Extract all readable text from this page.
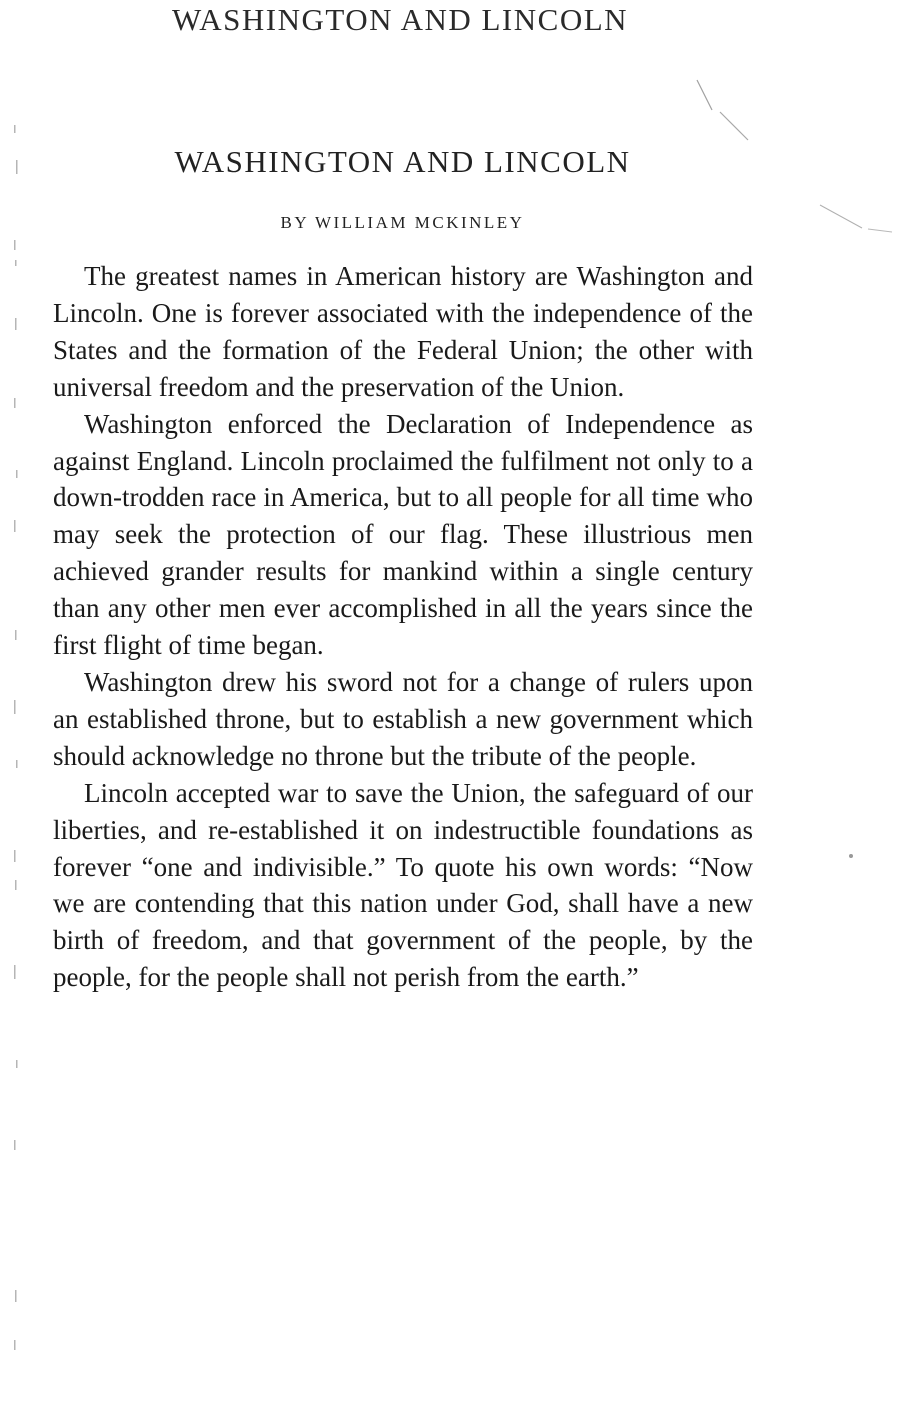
WASHINGTON AND LINCOLN
WASHINGTON AND LINCOLN
BY WILLIAM MCKINLEY

The greatest names in American history are Washington and Lincoln. One is forever associated with the independence of the States and the formation of the Federal Union; the other with universal freedom and the preservation of the Union.

Washington enforced the Declaration of Independence as against England. Lincoln proclaimed the fulfilment not only to a down-trodden race in America, but to all people for all time who may seek the protection of our flag. These illustrious men achieved grander results for mankind within a single century than any other men ever accomplished in all the years since the first flight of time began.

Washington drew his sword not for a change of rulers upon an established throne, but to establish a new government which should acknowledge no throne but the tribute of the people.

Lincoln accepted war to save the Union, the safeguard of our liberties, and re-established it on indestructible foundations as forever “one and indivisible.” To quote his own words: “Now we are contending that this nation under God, shall have a new birth of freedom, and that government of the people, by the people, for the people shall not perish from the earth.”
